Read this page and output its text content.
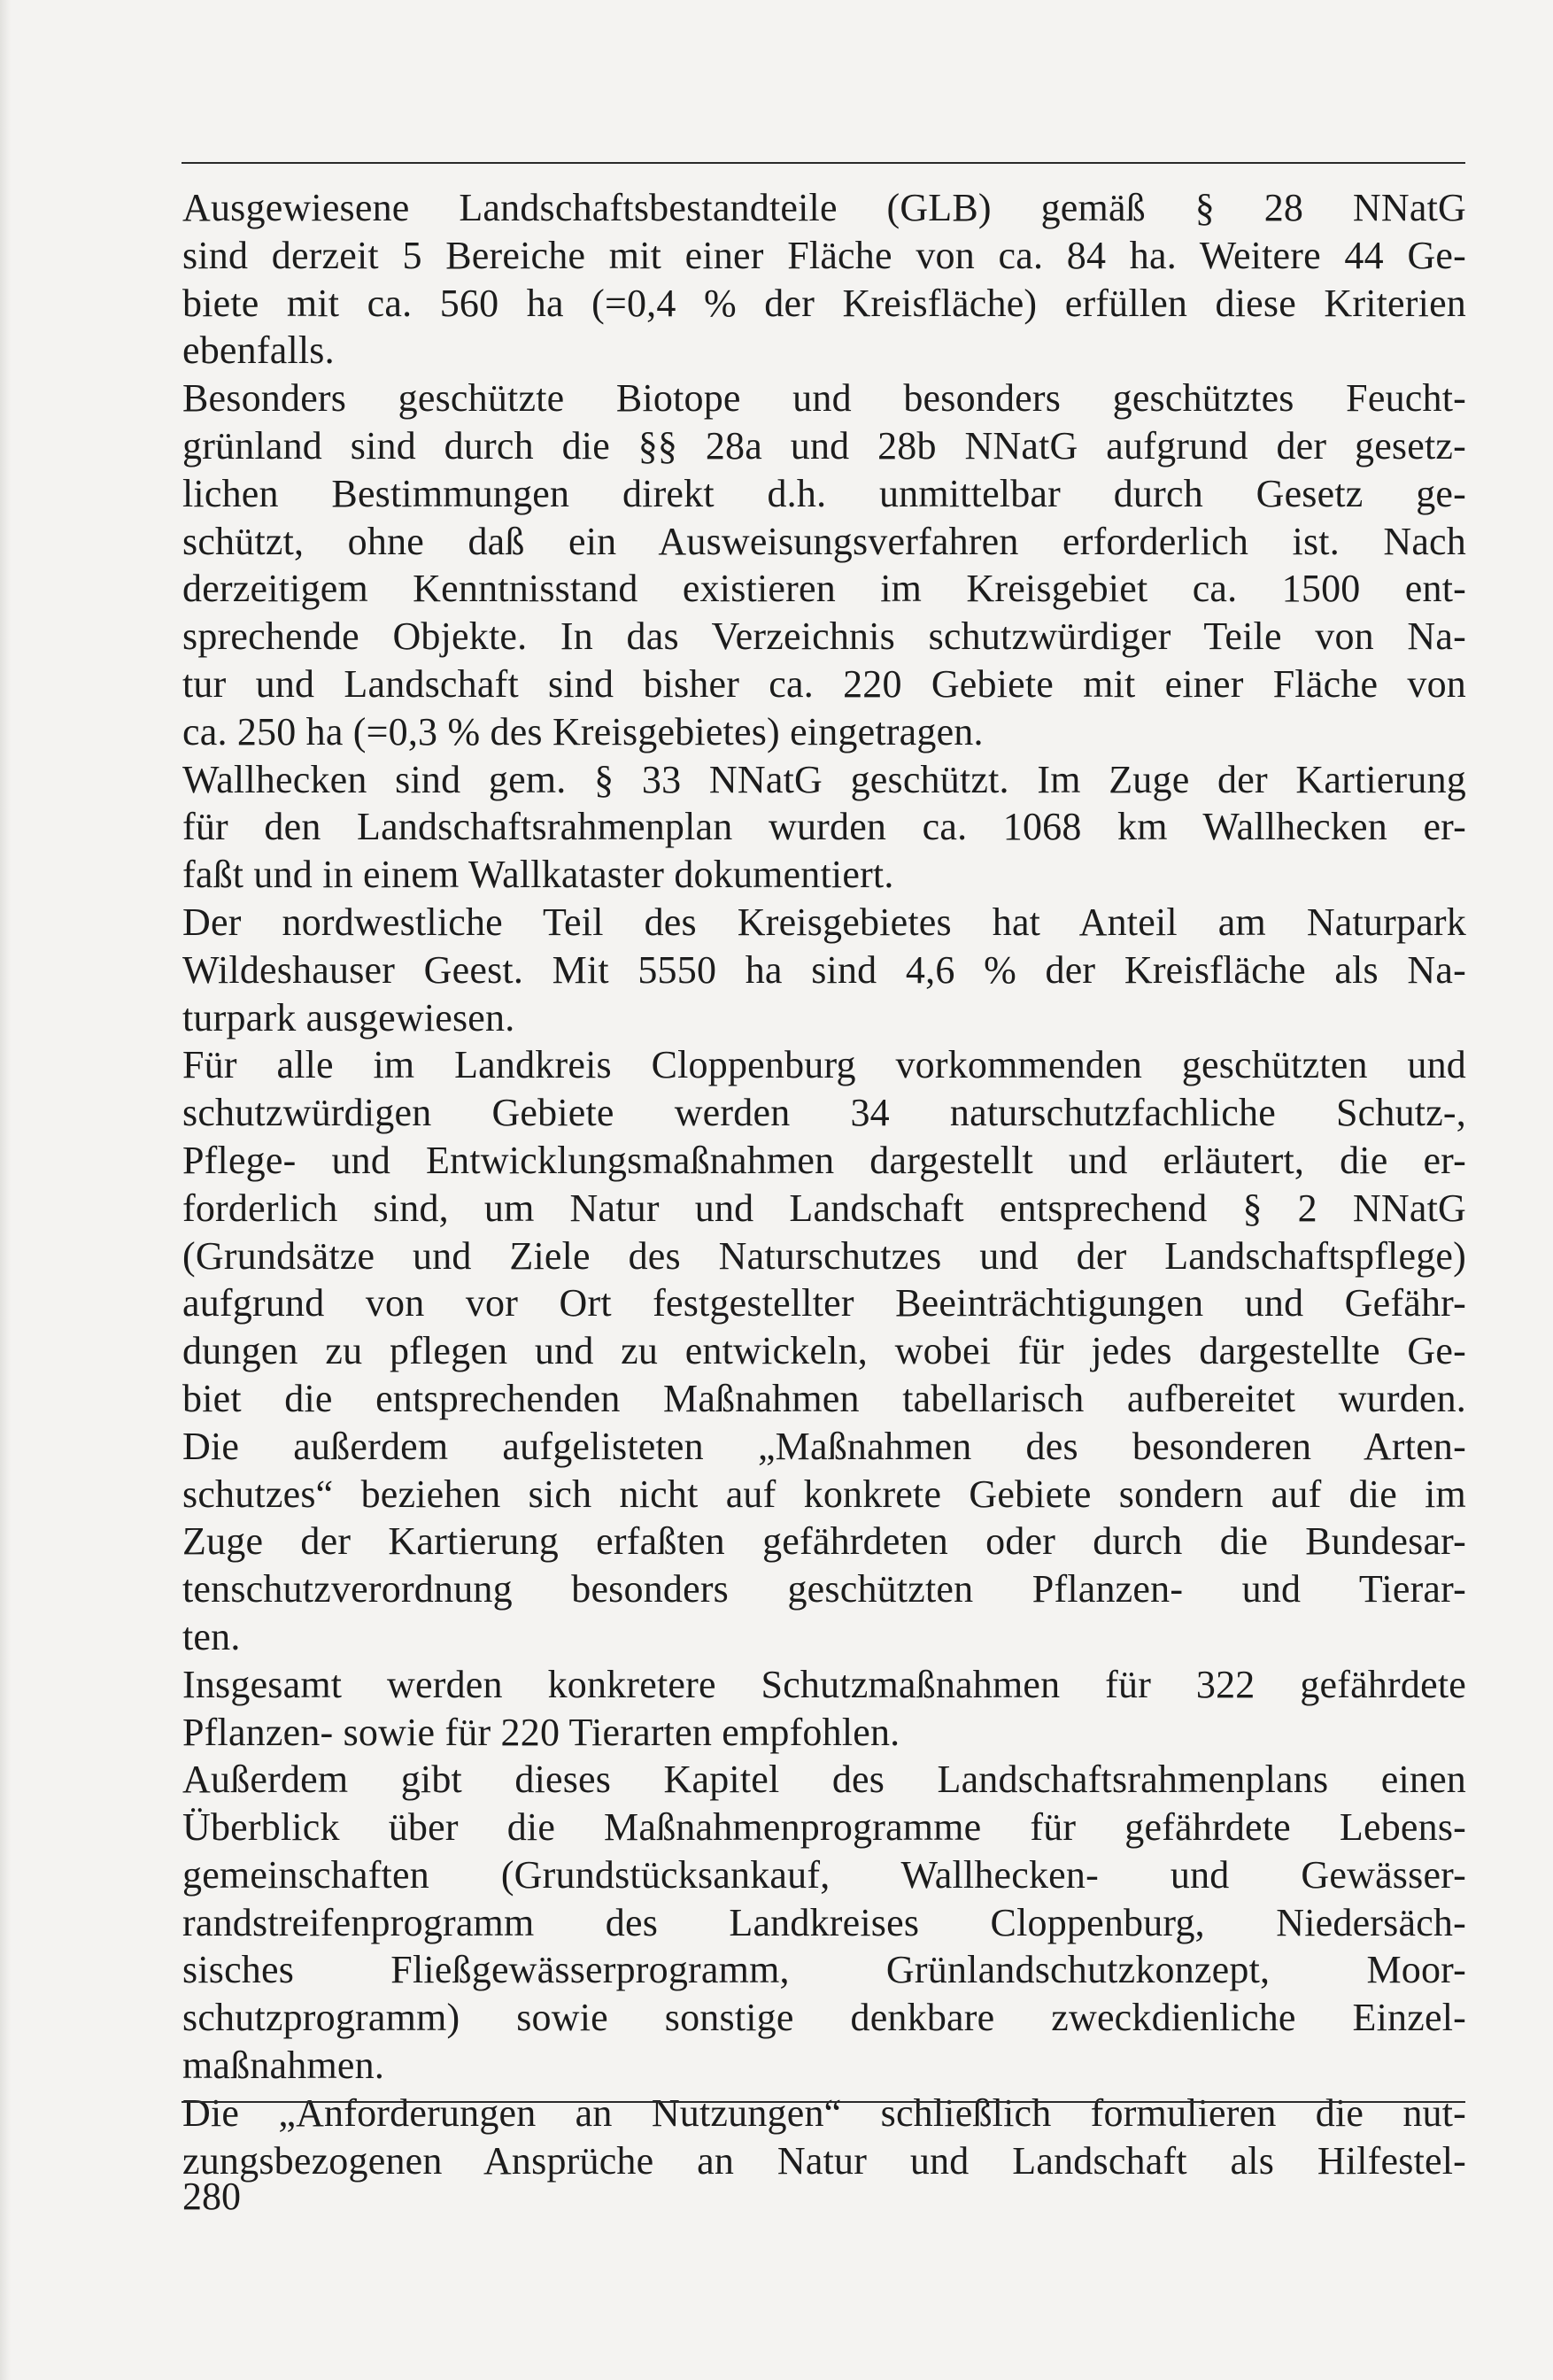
Ausgewiesene Landschaftsbestandteile (GLB) gemäß § 28 NNatG
sind derzeit 5 Bereiche mit einer Fläche von ca. 84 ha. Weitere 44 Ge-
biete mit ca. 560 ha (=0,4 % der Kreisfläche) erfüllen diese Kriterien
ebenfalls.
Besonders geschützte Biotope und besonders geschütztes Feucht-
grünland sind durch die §§ 28a und 28b NNatG aufgrund der gesetz-
lichen Bestimmungen direkt d.h. unmittelbar durch Gesetz ge-
schützt, ohne daß ein Ausweisungsverfahren erforderlich ist. Nach
derzeitigem Kenntnisstand existieren im Kreisgebiet ca. 1500 ent-
sprechende Objekte. In das Verzeichnis schutzwürdiger Teile von Na-
tur und Landschaft sind bisher ca. 220 Gebiete mit einer Fläche von
ca. 250 ha (=0,3 % des Kreisgebietes) eingetragen.
Wallhecken sind gem. § 33 NNatG geschützt. Im Zuge der Kartierung
für den Landschaftsrahmenplan wurden ca. 1068 km Wallhecken er-
faßt und in einem Wallkataster dokumentiert.
Der nordwestliche Teil des Kreisgebietes hat Anteil am Naturpark
Wildeshauser Geest. Mit 5550 ha sind 4,6 % der Kreisfläche als Na-
turpark ausgewiesen.
Für alle im Landkreis Cloppenburg vorkommenden geschützten und
schutzwürdigen Gebiete werden 34 naturschutzfachliche Schutz-,
Pflege- und Entwicklungsmaßnahmen dargestellt und erläutert, die er-
forderlich sind, um Natur und Landschaft entsprechend § 2 NNatG
(Grundsätze und Ziele des Naturschutzes und der Landschaftspflege)
aufgrund von vor Ort festgestellter Beeinträchtigungen und Gefähr-
dungen zu pflegen und zu entwickeln, wobei für jedes dargestellte Ge-
biet die entsprechenden Maßnahmen tabellarisch aufbereitet wurden.
Die außerdem aufgelisteten „Maßnahmen des besonderen Arten-
schutzes“ beziehen sich nicht auf konkrete Gebiete sondern auf die im
Zuge der Kartierung erfaßten gefährdeten oder durch die Bundesar-
tenschutzverordnung besonders geschützten Pflanzen- und Tierar-
ten.
Insgesamt werden konkretere Schutzmaßnahmen für 322 gefährdete
Pflanzen- sowie für 220 Tierarten empfohlen.
Außerdem gibt dieses Kapitel des Landschaftsrahmenplans einen
Überblick über die Maßnahmenprogramme für gefährdete Lebens-
gemeinschaften (Grundstücksankauf, Wallhecken- und Gewässer-
randstreifenprogramm des Landkreises Cloppenburg, Niedersäch-
sisches Fließgewässerprogramm, Grünlandschutzkonzept, Moor-
schutzprogramm) sowie sonstige denkbare zweckdienliche Einzel-
maßnahmen.
Die „Anforderungen an Nutzungen“ schließlich formulieren die nut-
zungsbezogenen Ansprüche an Natur und Landschaft als Hilfestel-
280
